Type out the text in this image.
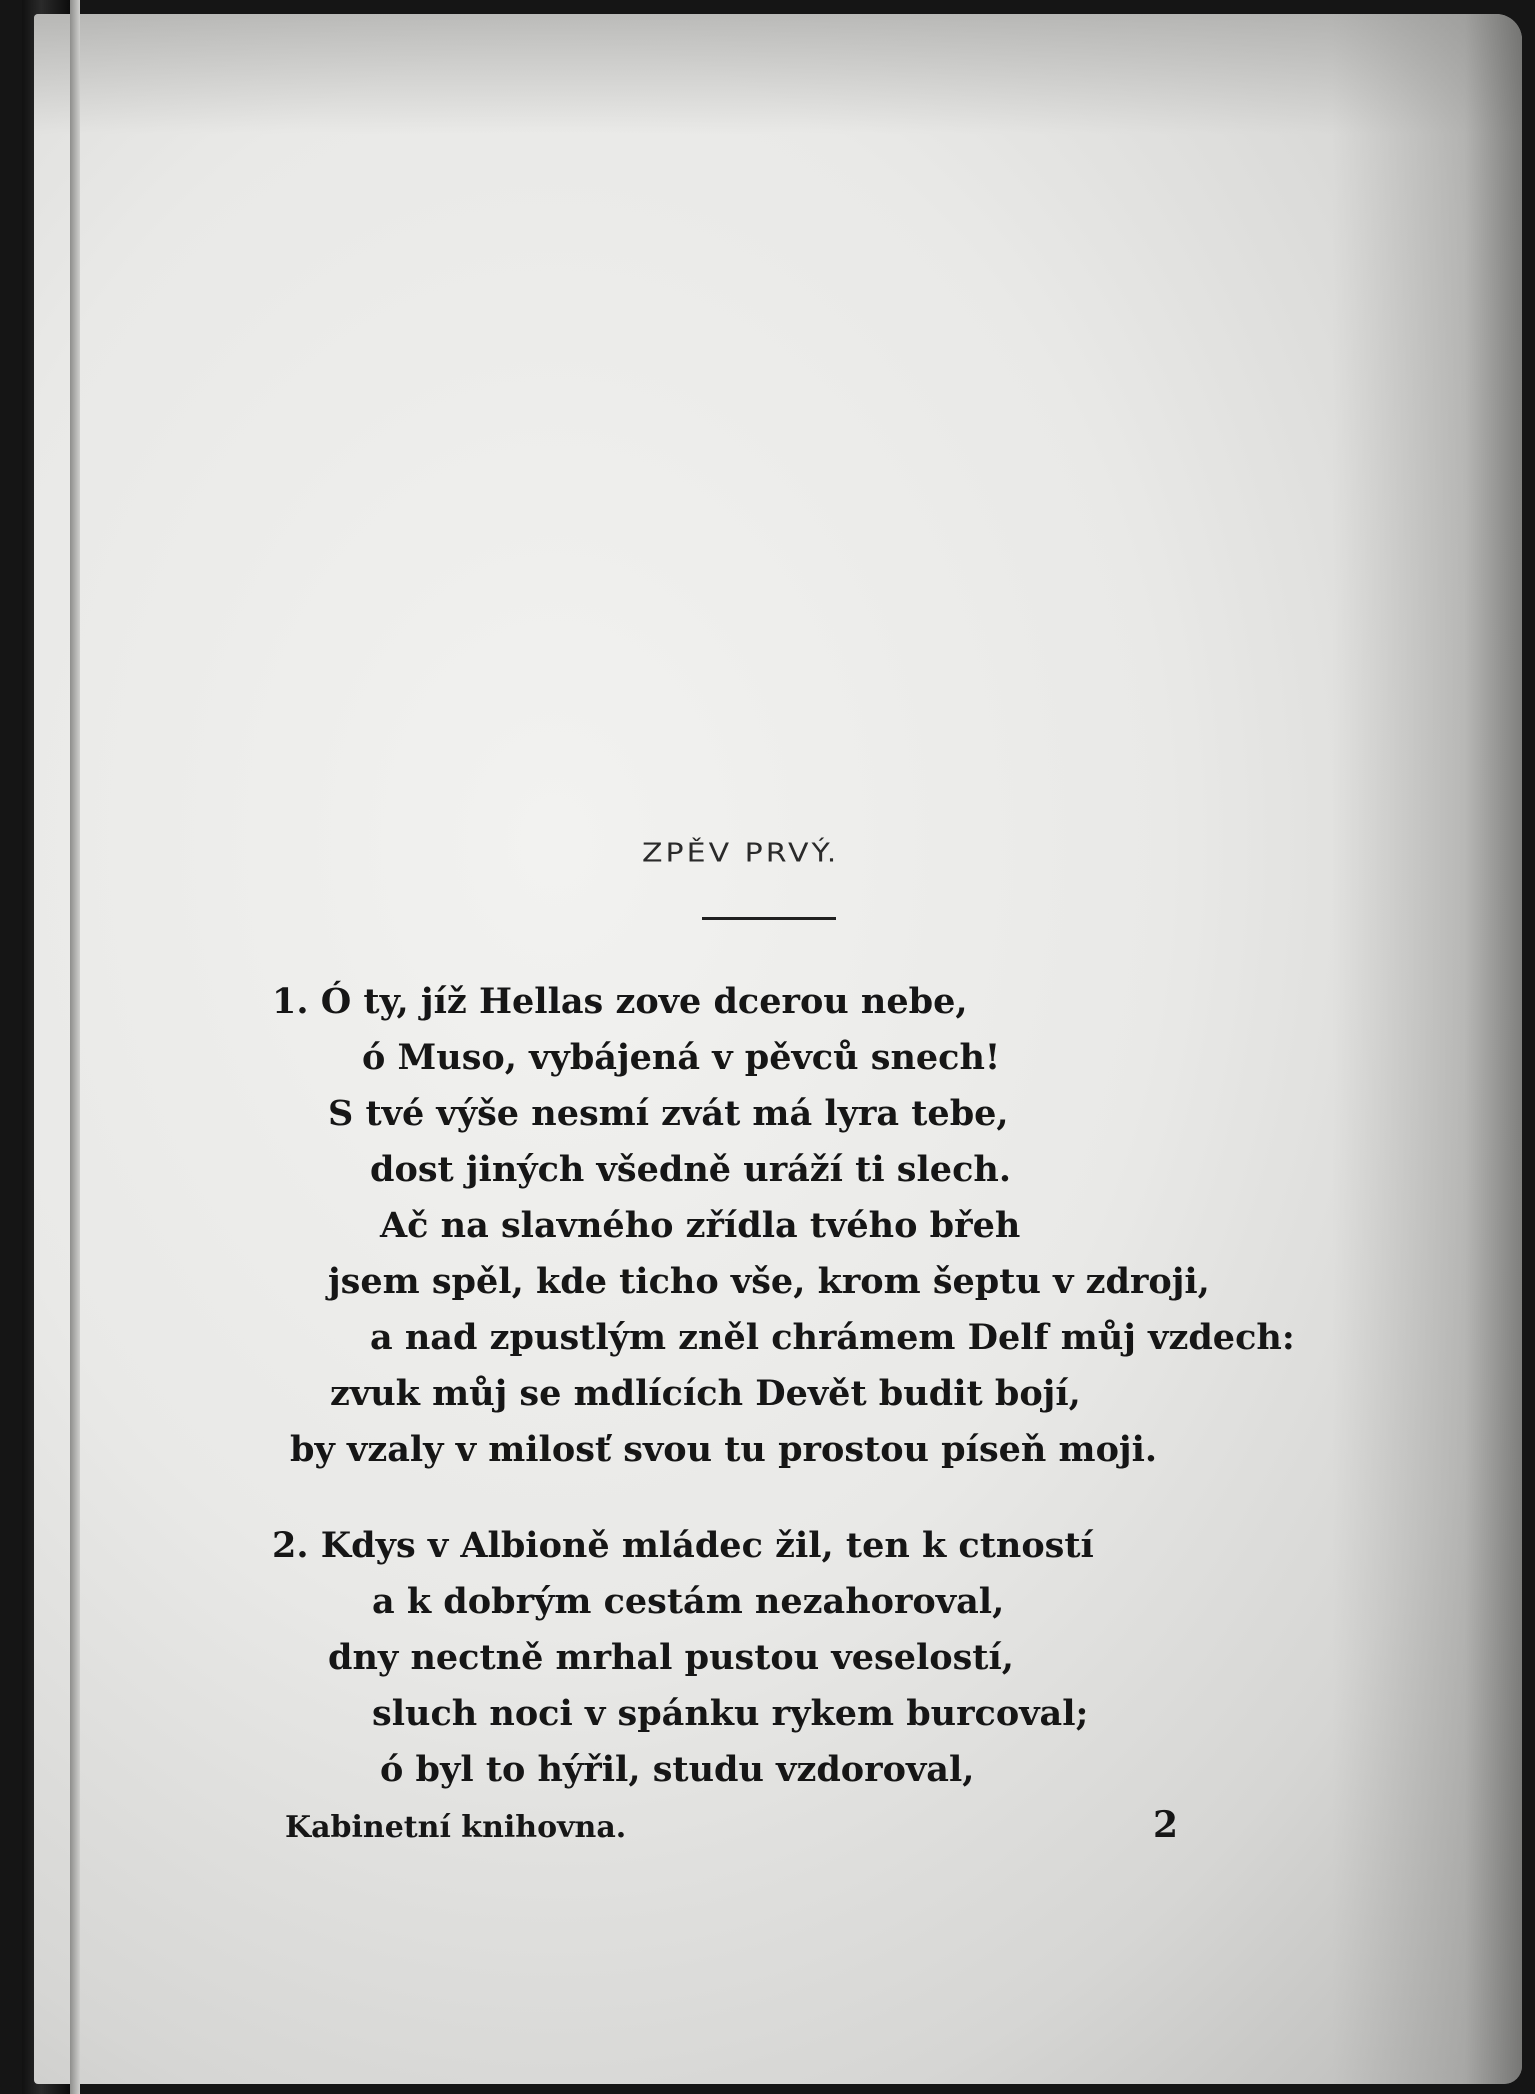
ZPĚV PRVÝ.
1. Ó ty, jíž Hellas zove dcerou nebe,
ó Muso, vybájená v pěvců snech!
S tvé výše nesmí zvát má lyra tebe,
dost jiných všedně uráží ti slech.
Ač na slavného zřídla tvého břeh
jsem spěl, kde ticho vše, krom šeptu v zdroji,
a nad zpustlým zněl chrámem Delf můj vzdech:
zvuk můj se mdlících Devět budit bojí,
by vzaly v milosť svou tu prostou píseň moji.
2. Kdys v Albioně mládec žil, ten k ctností
a k dobrým cestám nezahoroval,
dny nectně mrhal pustou veselostí,
sluch noci v spánku rykem burcoval;
ó byl to hýřil, studu vzdoroval,
Kabinetní knihovna.	2
